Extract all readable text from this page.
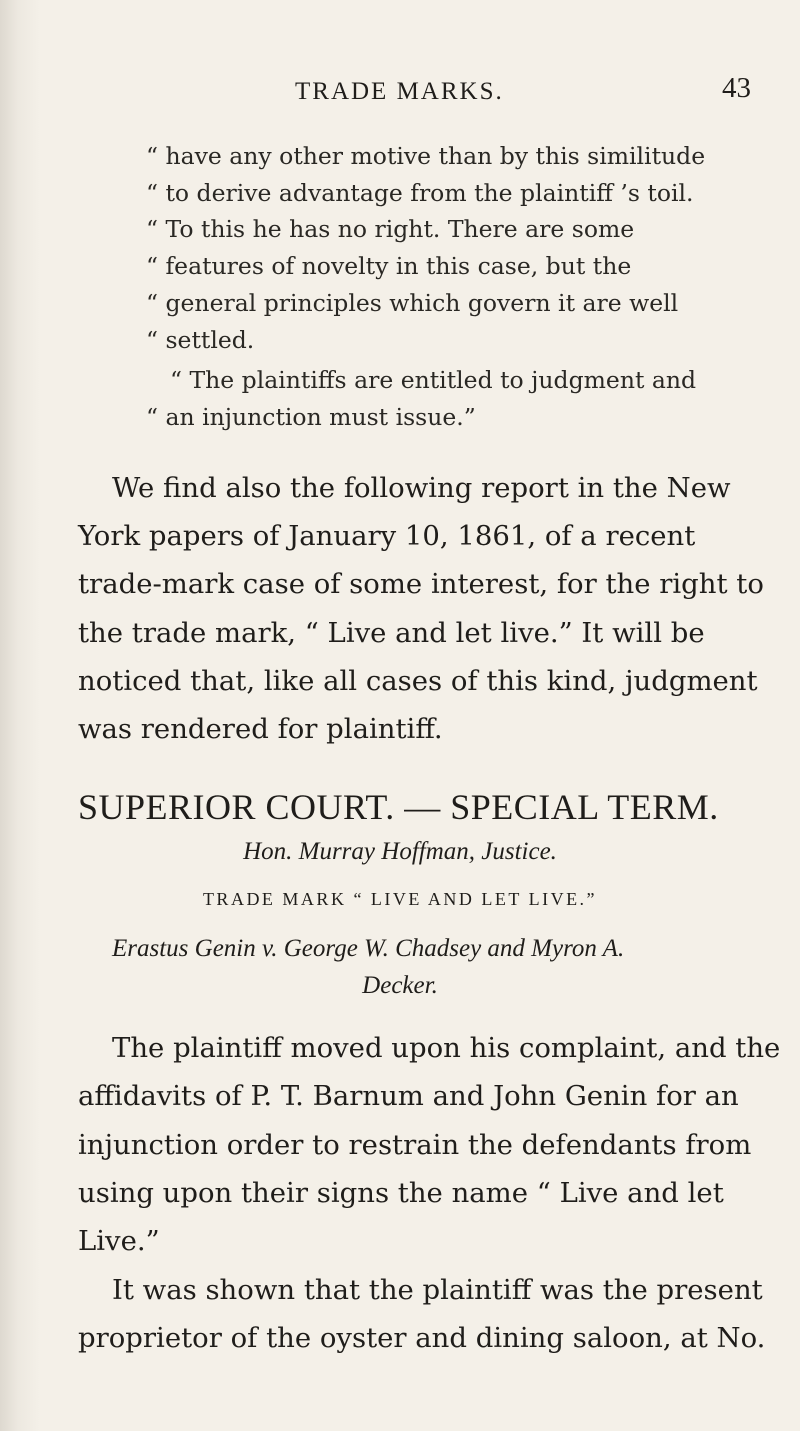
TRADE MARKS.	43
“ have any other motive than by this similitude
“ to derive advantage from the plaintiff ’s toil.
“ To this he has no right. There are some
“ features of novelty in this case, but the
“ general principles which govern it are well
“ settled.
“ The plaintiffs are entitled to judgment and
“ an injunction must issue.”
We find also the following report in the New
York papers of January 10, 1861, of a recent
trade-mark case of some interest, for the right to
the trade mark, “ Live and let live.” It will be
noticed that, like all cases of this kind, judgment
was rendered for plaintiff.
SUPERIOR COURT. — SPECIAL TERM.
Hon. Murray Hoffman, Justice.
TRADE MARK “ LIVE AND LET LIVE.”
Erastus Genin v. George W. Chadsey and Myron A.
Decker.
The plaintiff moved upon his complaint, and the
affidavits of P. T. Barnum and John Genin for an
injunction order to restrain the defendants from
using upon their signs the name “ Live and let
Live.”
It was shown that the plaintiff was the present
proprietor of the oyster and dining saloon, at No.
